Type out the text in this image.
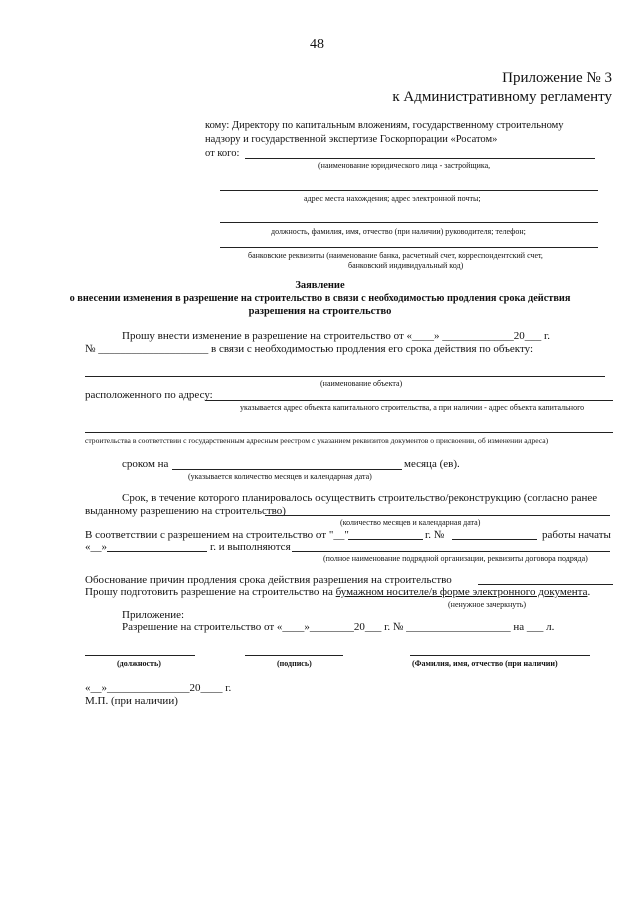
48
Приложение № 3
к Административному регламенту
кому: Директору по капитальным вложениям, государственному строительному
надзору и государственной экспертизе Госкорпорации «Росатом»
от кого:
(наименование юридического лица - застройщика,
адрес места нахождения; адрес электронной почты;
должность, фамилия, имя, отчество (при наличии) руководителя; телефон;
банковские реквизиты (наименование банка, расчетный счет, корреспондентский счет,
банковский индивидуальный код)
Заявление
о внесении изменения в разрешение на строительство в связи с необходимостью продления срока действия
разрешения на строительство
Прошу внести изменение в разрешение на строительство от «____» _____________20___ г.
№ ____________________ в связи с необходимостью продления его срока действия по объекту:
(наименование объекта)
расположенного по адресу:
указывается адрес объекта капитального строительства, а при наличии - адрес объекта капитального
строительства в соответствии с государственным адресным реестром с указанием реквизитов документов о присвоении, об изменении адреса)
сроком на	месяца (ев).
(указывается количество месяцев и календарная дата)
Срок, в течение которого планировалось осуществить строительство/реконструкцию (согласно ранее
выданному разрешению на строительство)
(количество месяцев и календарная дата)
В соответствии с разрешением на строительство от "__"	г. №	работы начаты
«__»	г. и выполняются
(полное наименование подрядной организации, реквизиты договора подряда)
Обоснование причин продления срока действия разрешения на строительство
Прошу подготовить разрешение на строительство на бумажном носителе/в форме электронного документа.
(ненужное зачеркнуть)
Приложение:
Разрешение на строительство от «____»________20___ г. № ___________________ на ___ л.
(должность)	(подпись)	(Фамилия, имя, отчество (при наличии)
«__»_______________20____ г.
М.П. (при наличии)
